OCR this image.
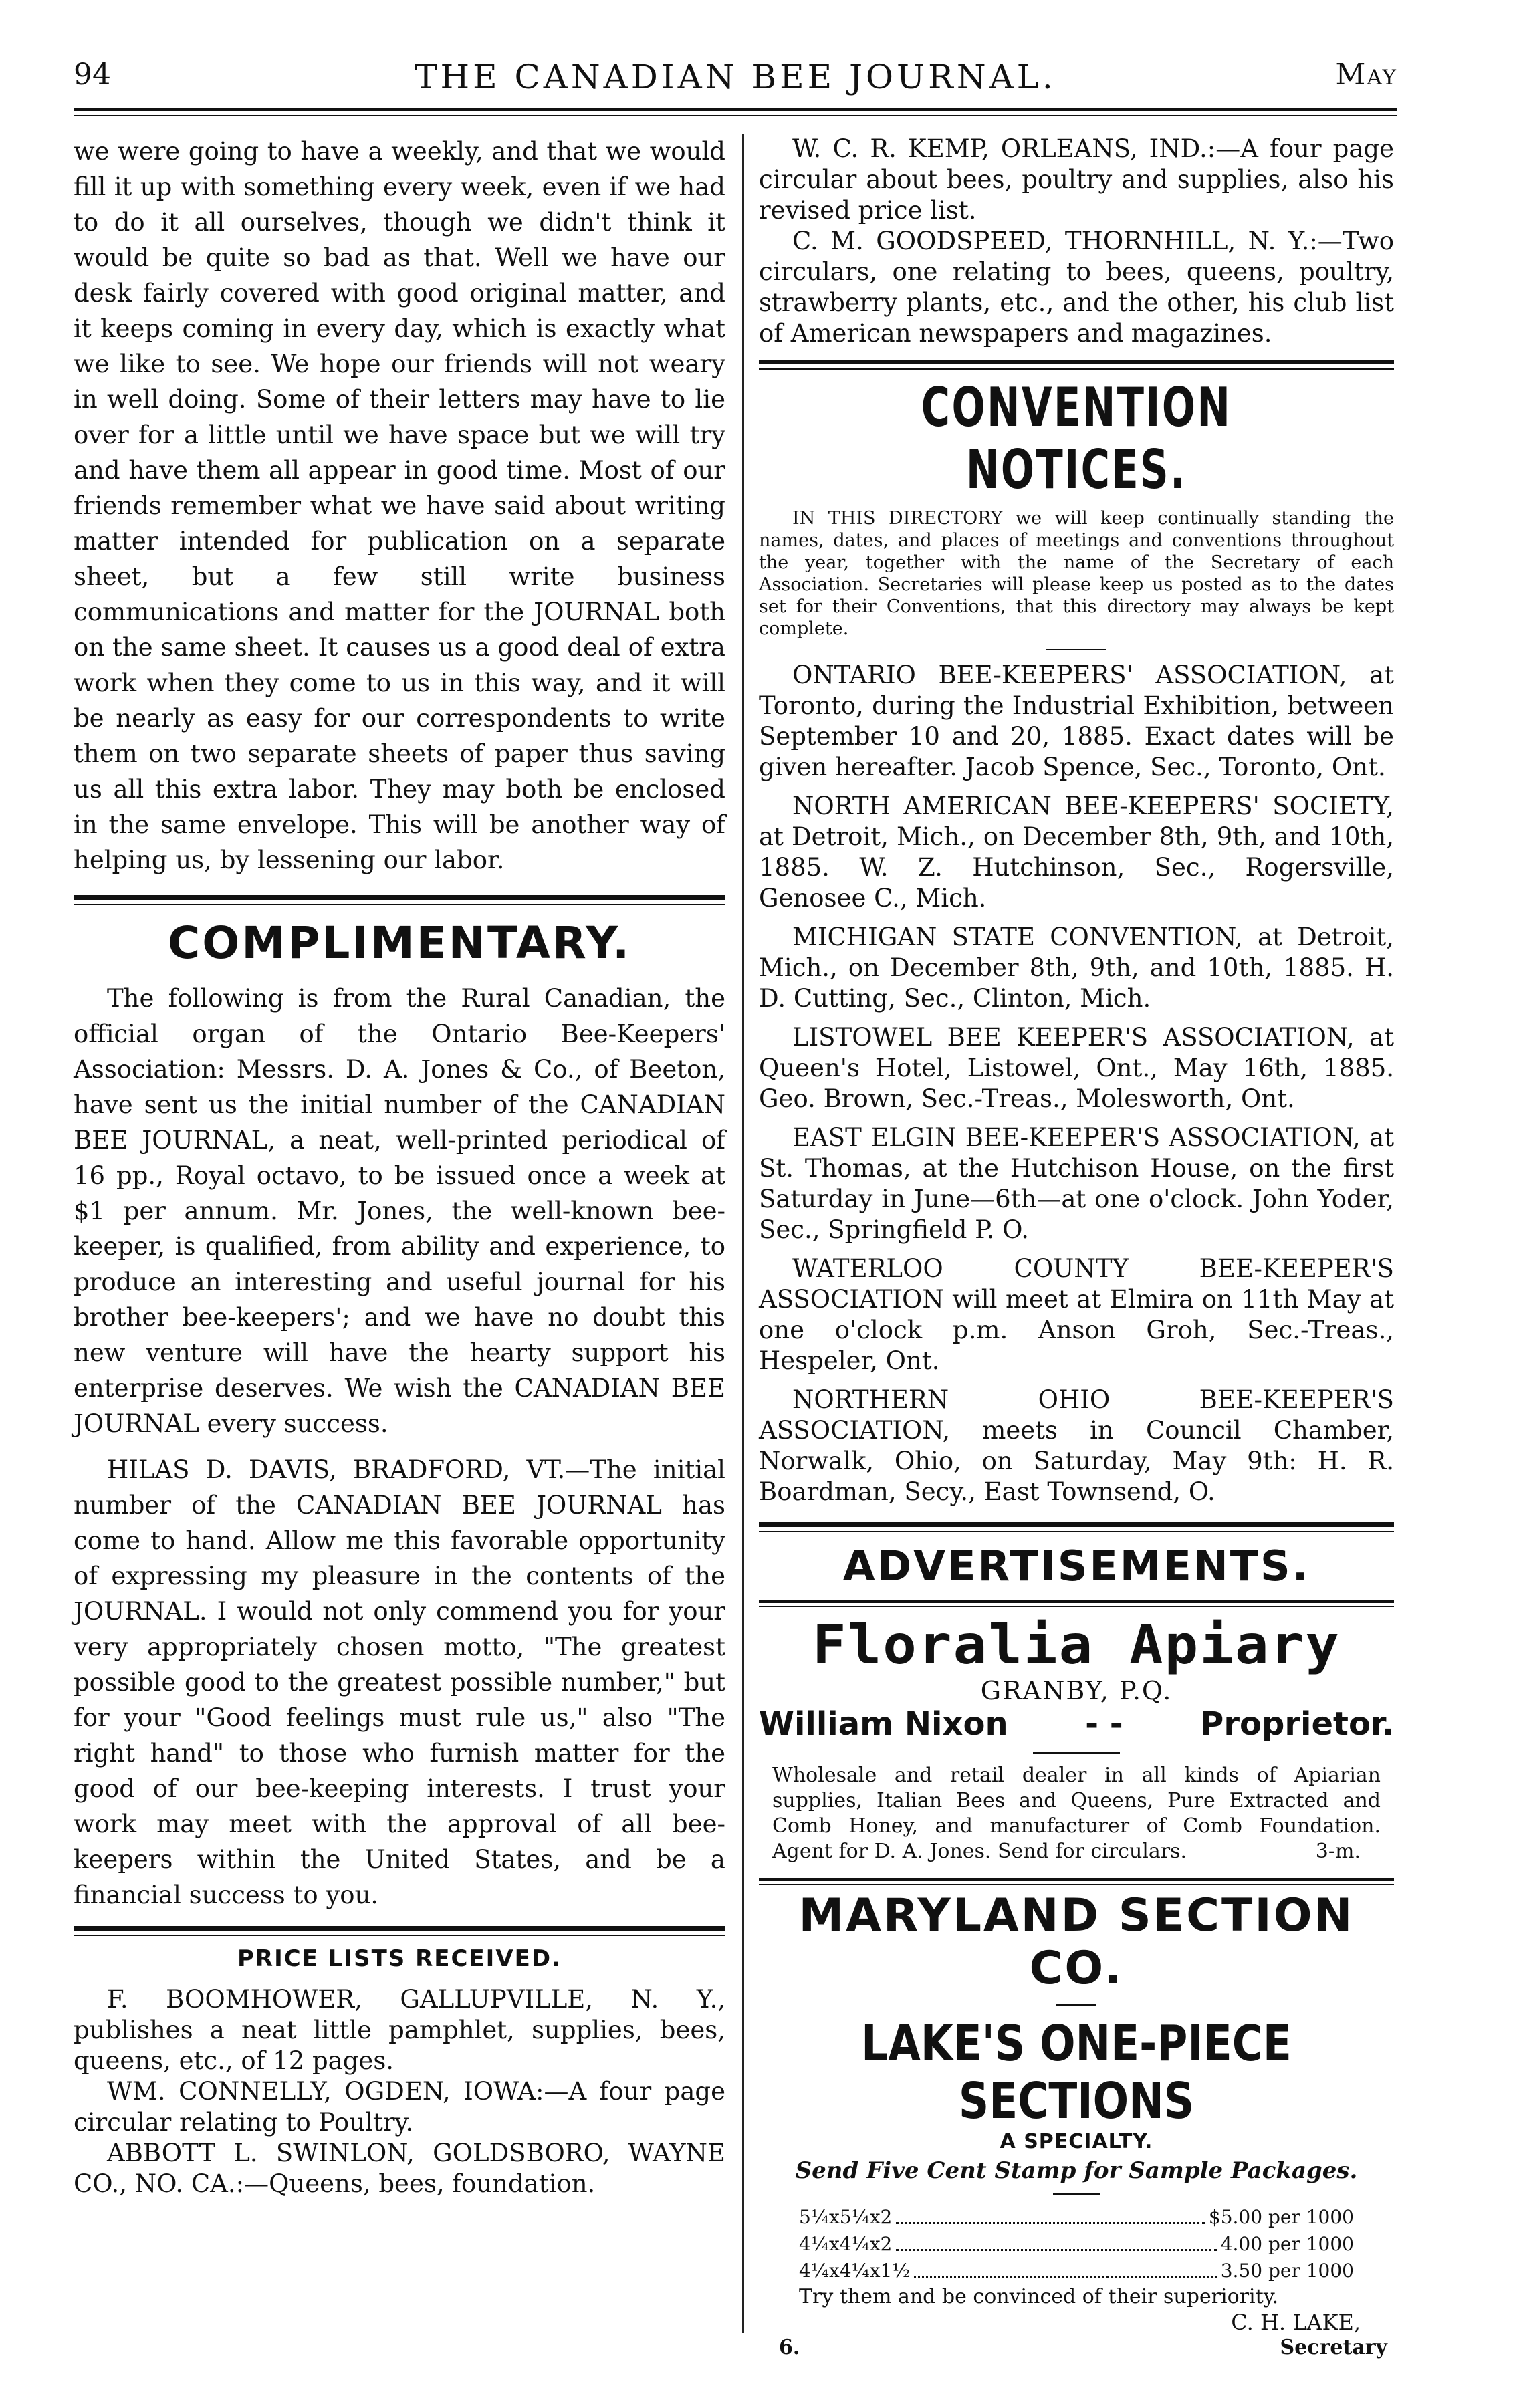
94	THE CANADIAN BEE JOURNAL.	May

we were going to have a weekly, and that we would fill it up with something every week, even if we had to do it all ourselves, though we didn't think it would be quite so bad as that. Well we have our desk fairly covered with good original matter, and it keeps coming in every day, which is exactly what we like to see. We hope our friends will not weary in well doing. Some of their letters may have to lie over for a little until we have space but we will try and have them all appear in good time. Most of our friends remember what we have said about writing matter intended for publication on a separate sheet, but a few still write business communications and matter for the JOURNAL both on the same sheet. It causes us a good deal of extra work when they come to us in this way, and it will be nearly as easy for our correspondents to write them on two separate sheets of paper thus saving us all this extra labor. They may both be enclosed in the same envelope. This will be another way of helping us, by lessening our labor.

COMPLIMENTARY.

The following is from the Rural Canadian, the official organ of the Ontario Bee-Keepers' Association: Messrs. D. A. Jones & Co., of Beeton, have sent us the initial number of the CANADIAN BEE JOURNAL, a neat, well-printed periodical of 16 pp., Royal octavo, to be issued once a week at $1 per annum. Mr. Jones, the well-known bee-keeper, is qualified, from ability and experience, to produce an interesting and useful journal for his brother bee-keepers'; and we have no doubt this new venture will have the hearty support his enterprise deserves. We wish the CANADIAN BEE JOURNAL every success.

HILAS D. DAVIS, BRADFORD, VT.—The initial number of the CANADIAN BEE JOURNAL has come to hand. Allow me this favorable opportunity of expressing my pleasure in the contents of the JOURNAL. I would not only commend you for your very appropriately chosen motto, "The greatest possible good to the greatest possible number," but for your "Good feelings must rule us," also "The right hand" to those who furnish matter for the good of our bee-keeping interests. I trust your work may meet with the approval of all bee-keepers within the United States, and be a financial success to you.

PRICE LISTS RECEIVED.

F. BOOMHOWER, GALLUPVILLE, N. Y., publishes a neat little pamphlet, supplies, bees, queens, etc., of 12 pages.

WM. CONNELLY, OGDEN, IOWA:—A four page circular relating to Poultry.

ABBOTT L. SWINLON, GOLDSBORO, WAYNE CO., NO. CA.:—Queens, bees, foundation.

W. C. R. KEMP, ORLEANS, IND.:—A four page circular about bees, poultry and supplies, also his revised price list.

C. M. GOODSPEED, THORNHILL, N. Y.:—Two circulars, one relating to bees, queens, poultry, strawberry plants, etc., and the other, his club list of American newspapers and magazines.

CONVENTION NOTICES.

IN THIS DIRECTORY we will keep continually standing the names, dates, and places of meetings and conventions throughout the year, together with the name of the Secretary of each Association. Secretaries will please keep us posted as to the dates set for their Conventions, that this directory may always be kept complete.

ONTARIO BEE-KEEPERS' ASSOCIATION, at Toronto, during the Industrial Exhibition, between September 10 and 20, 1885. Exact dates will be given hereafter. Jacob Spence, Sec., Toronto, Ont.

NORTH AMERICAN BEE-KEEPERS' SOCIETY, at Detroit, Mich., on December 8th, 9th, and 10th, 1885. W. Z. Hutchinson, Sec., Rogersville, Genosee C., Mich.

MICHIGAN STATE CONVENTION, at Detroit, Mich., on December 8th, 9th, and 10th, 1885. H. D. Cutting, Sec., Clinton, Mich.

LISTOWEL BEE KEEPER'S ASSOCIATION, at Queen's Hotel, Listowel, Ont., May 16th, 1885. Geo. Brown, Sec.-Treas., Molesworth, Ont.

EAST ELGIN BEE-KEEPER'S ASSOCIATION, at St. Thomas, at the Hutchison House, on the first Saturday in June—6th—at one o'clock. John Yoder, Sec., Springfield P. O.

WATERLOO COUNTY BEE-KEEPER'S ASSOCIATION will meet at Elmira on 11th May at one o'clock p.m. Anson Groh, Sec.-Treas., Hespeler, Ont.

NORTHERN OHIO BEE-KEEPER'S ASSOCIATION, meets in Council Chamber, Norwalk, Ohio, on Saturday, May 9th: H. R. Boardman, Secy., East Townsend, O.

ADVERTISEMENTS.
Floralia Apiary

GRANBY, P.Q.

William Nixon - - Proprietor.

Wholesale and retail dealer in all kinds of Apiarian supplies, Italian Bees and Queens, Pure Extracted and Comb Honey, and manufacturer of Comb Foundation. Agent for D. A. Jones. Send for circulars.	3-m.

MARYLAND SECTION CO.
LAKE'S ONE-PIECE SECTIONS

A SPECIALTY.

Send Five Cent Stamp for Sample Packages.

5¼x5¼x2	$5.00 per 1000
4¼x4¼x2	4.00 per 1000
4¼x4¼x1½	3.50 per 1000

Try them and be convinced of their superiority.

C. H. LAKE,

6.	Secretary
